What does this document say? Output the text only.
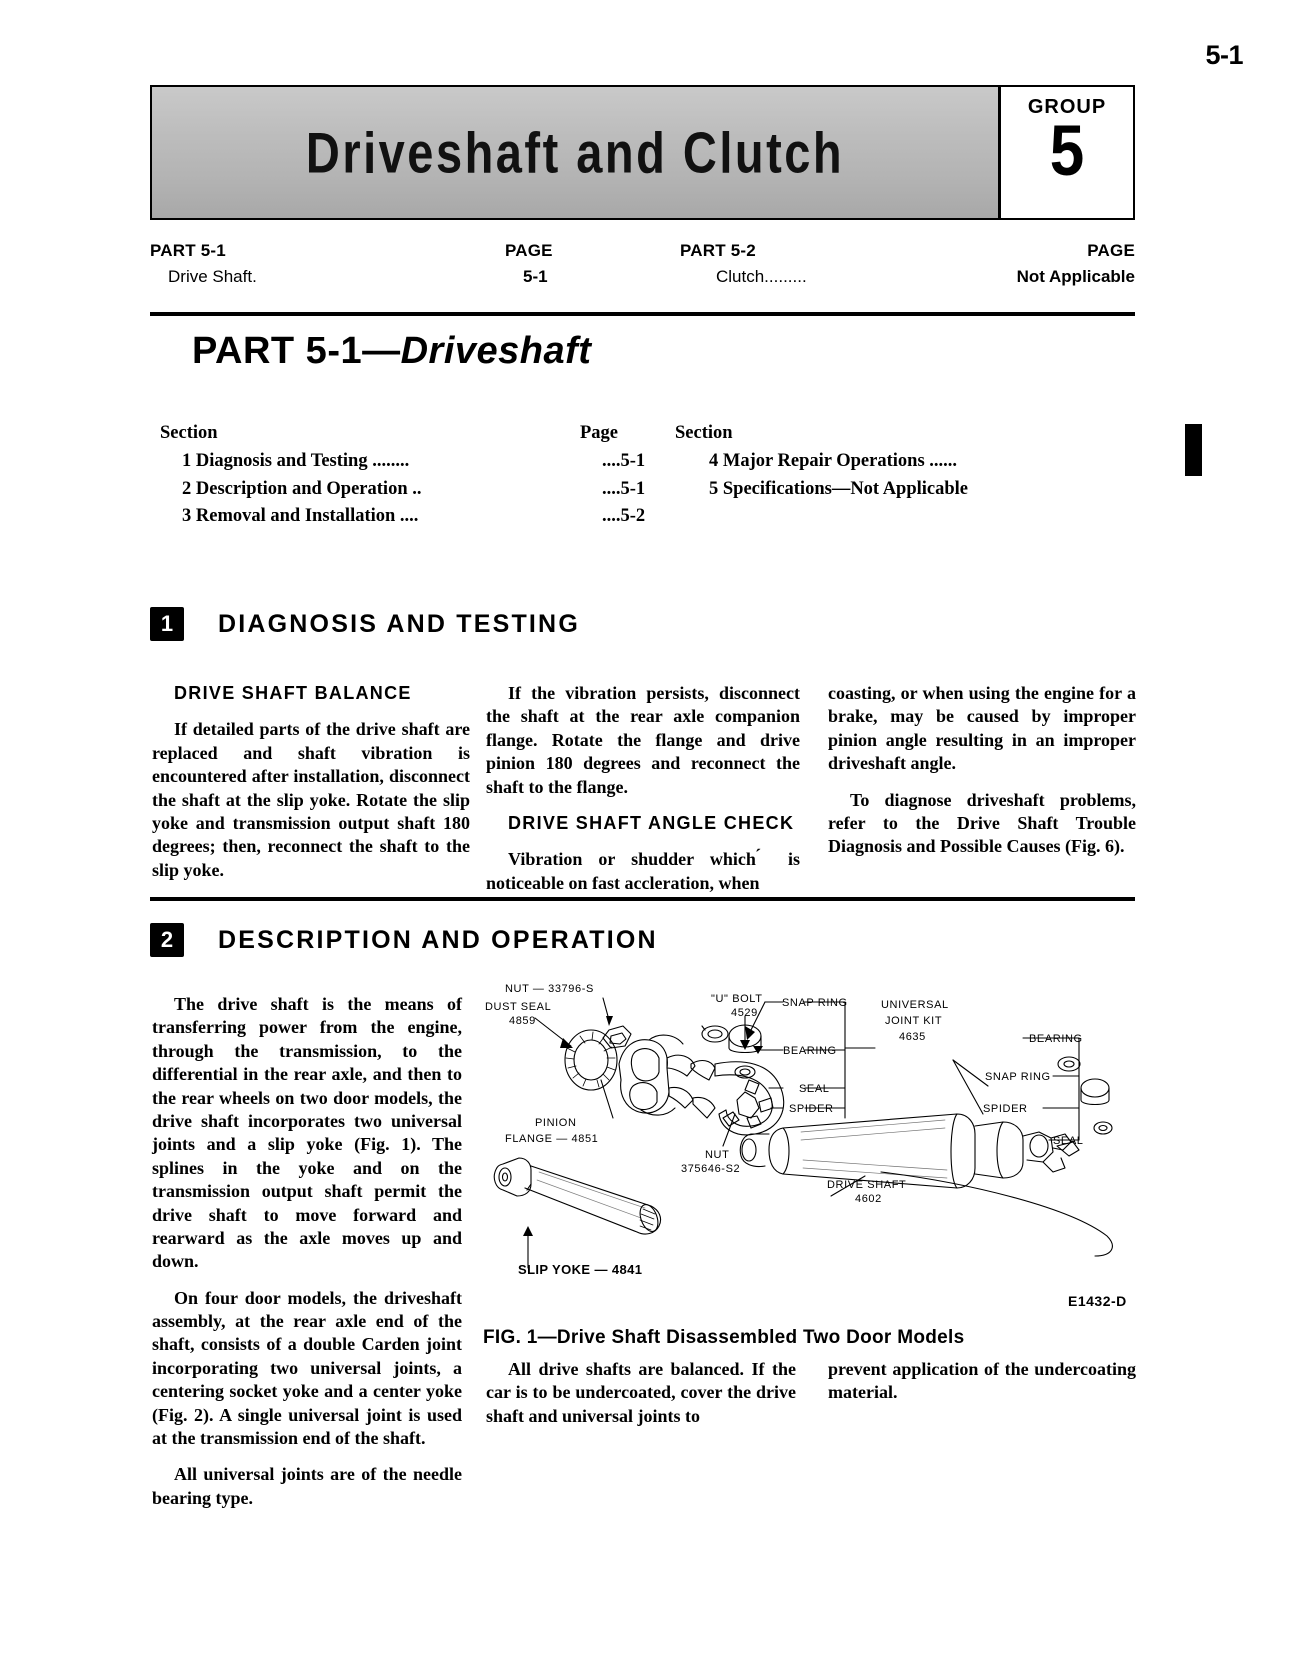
5-1
Driveshaft and Clutch
GROUP
5
PART 5-1	PAGE	PART 5-2	PAGE
Drive Shaft.	5-1	Clutch.........	Not Applicable
PART 5-1—Driveshaft
Section	Page	Section
1 Diagnosis and Testing ........	....5-1	4 Major Repair Operations ......
2 Description and Operation ..	....5-1	5 Specifications—Not Applicable
3 Removal and Installation ....	....5-2
1	DIAGNOSIS AND TESTING

DRIVE SHAFT BALANCE

If detailed parts of the drive shaft are replaced and shaft vibration is encountered after installation, disconnect the shaft at the slip yoke. Rotate the slip yoke and transmission output shaft 180 degrees; then, reconnect the shaft to the slip yoke.

If the vibration persists, disconnect the shaft at the rear axle companion flange. Rotate the flange and drive pinion 180 degrees and reconnect the shaft to the flange.

DRIVE SHAFT ANGLE CHECK

Vibration or shudder which ́ is noticeable on fast accleration, when

coasting, or when using the engine for a brake, may be caused by improper pinion angle resulting in an improper driveshaft angle.

To diagnose driveshaft problems, refer to the Drive Shaft Trouble Diagnosis and Possible Causes (Fig. 6).

2	DESCRIPTION AND OPERATION

The drive shaft is the means of transferring power from the engine, through the transmission, to the differential in the rear axle, and then to the rear wheels on two door models, the drive shaft incorporates two universal joints and a slip yoke (Fig. 1). The splines in the yoke and on the transmission output shaft permit the drive shaft to move forward and rearward as the axle moves up and down.

On four door models, the driveshaft assembly, at the rear axle end of the shaft, consists of a double Carden joint incorporating two universal joints, a centering socket yoke and a center yoke (Fig. 2). A single universal joint is used at the transmission end of the shaft.

All universal joints are of the needle bearing type.

NUT — 33796-S
DUST SEAL
4859
"U" BOLT
4529
SNAP RING
BEARING
SEAL
SPIDER
UNIVERSAL
JOINT KIT
4635	BEARING
SNAP RING
SPIDER
SEAL
PINION
FLANGE — 4851
NUT
375646-S2
DRIVE SHAFT
4602
SLIP YOKE — 4841
E1432-D
FIG. 1—Drive Shaft Disassembled Two Door Models

All drive shafts are balanced. If the car is to be undercoated, cover the drive shaft and universal joints to

prevent application of the undercoating material.
